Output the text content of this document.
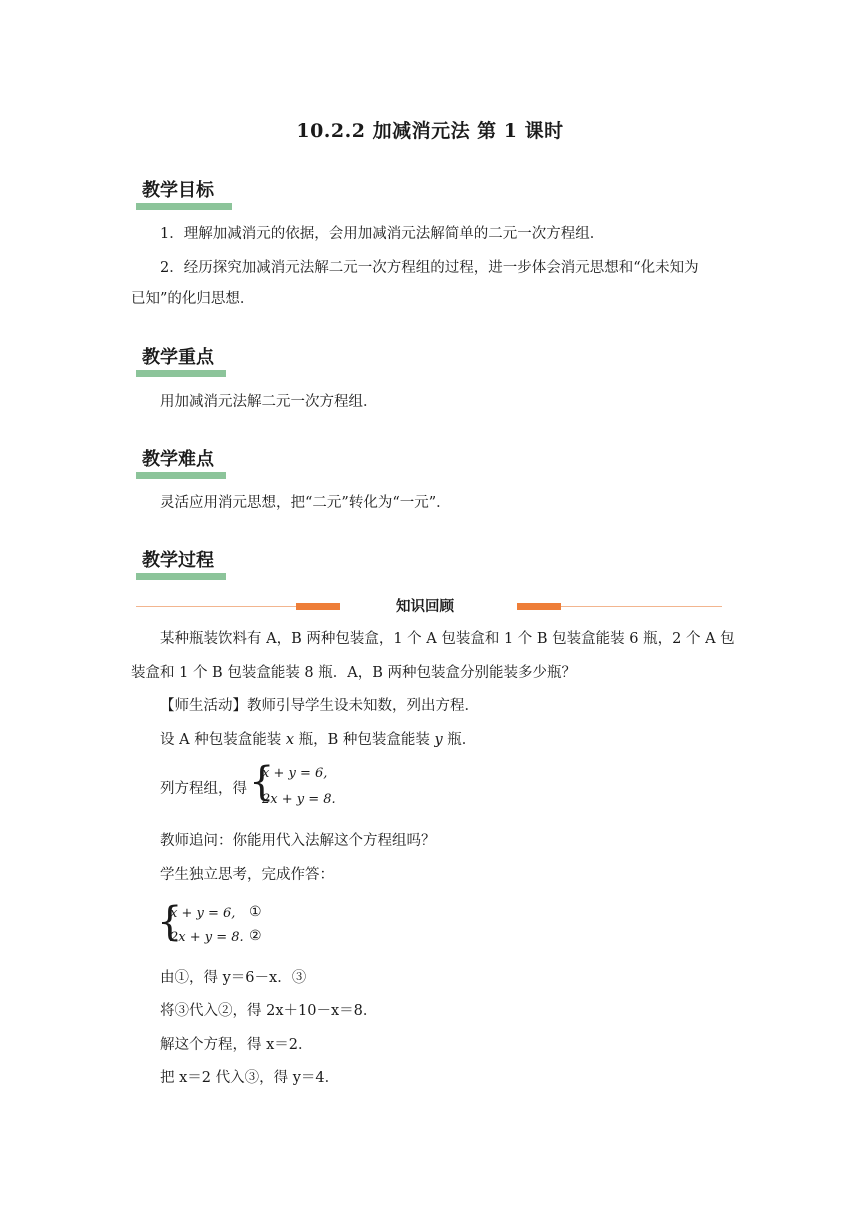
10.2.2 加减消元法 第 1 课时
教学目标
1．理解加减消元的依据，会用加减消元法解简单的二元一次方程组．
2．经历探究加减消元法解二元一次方程组的过程，进一步体会消元思想和“化未知为
已知”的化归思想．
教学重点
用加减消元法解二元一次方程组．
教学难点
灵活应用消元思想，把“二元”转化为“一元”．
教学过程
知识回顾
某种瓶装饮料有 A，B 两种包装盒，1 个 A 包装盒和 1 个 B 包装盒能装 6 瓶，2 个 A 包
装盒和 1 个 B 包装盒能装 8 瓶．A，B 两种包装盒分别能装多少瓶？
【师生活动】教师引导学生设未知数，列出方程．
设 A 种包装盒能装 x 瓶，B 种包装盒能装 y 瓶．
列方程组，得 {
x + y = 6,
2x + y = 8.
教师追问：你能用代入法解这个方程组吗？
学生独立思考，完成作答：
{
x + y = 6, ①
2x + y = 8. ②
由①，得 y＝6－x．③
将③代入②，得 2x＋10－x＝8．
解这个方程，得 x＝2．
把 x＝2 代入③，得 y＝4．
